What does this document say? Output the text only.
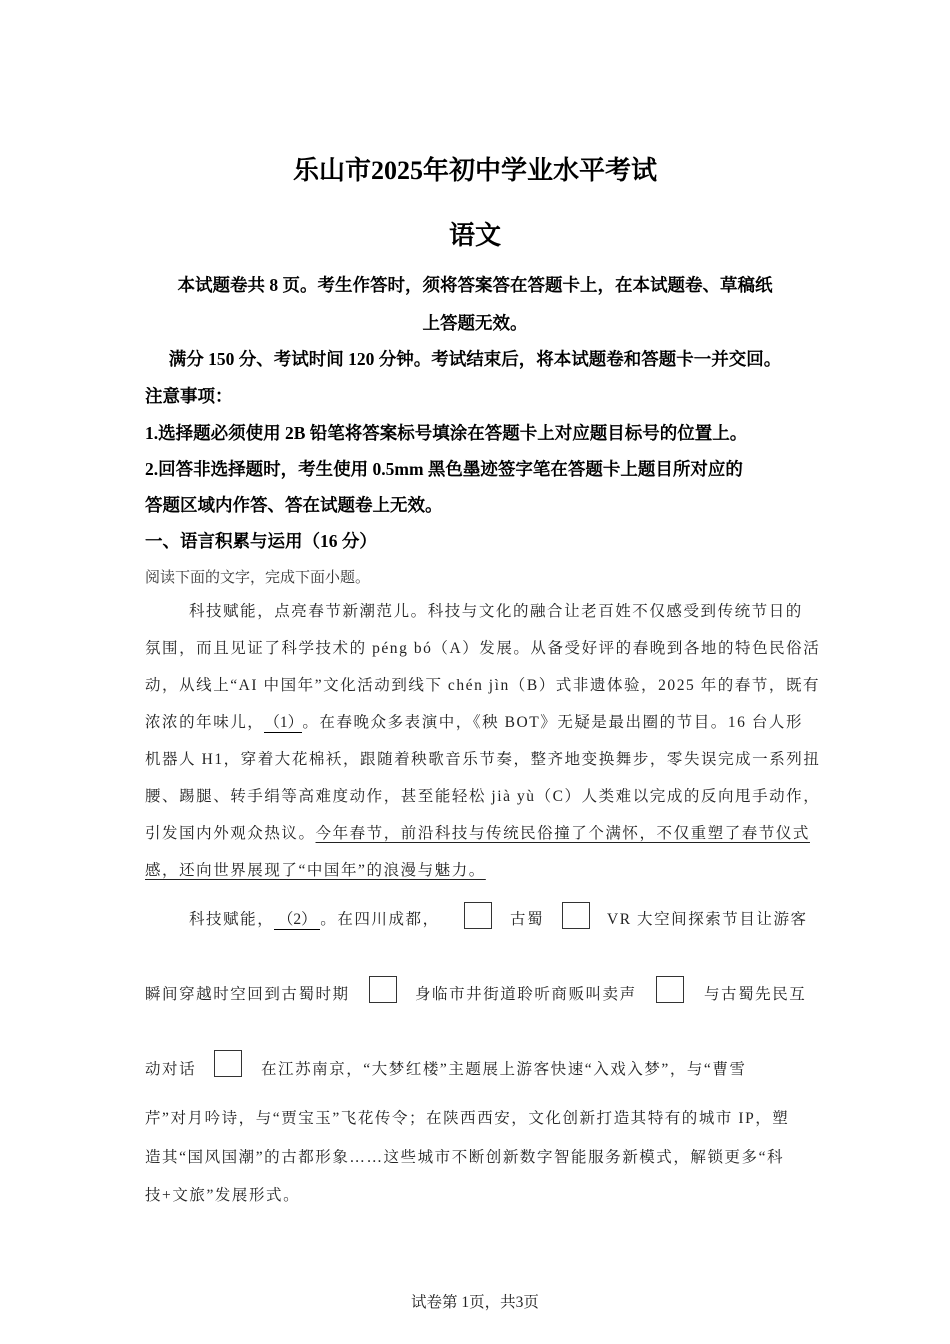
乐山市2025年初中学业水平考试
语文
本试题卷共 8 页。考生作答时，须将答案答在答题卡上，在本试题卷、草稿纸
上答题无效。
满分 150 分、考试时间 120 分钟。考试结束后，将本试题卷和答题卡一并交回。
注意事项：
1.选择题必须使用 2B 铅笔将答案标号填涂在答题卡上对应题目标号的位置上。
2.回答非选择题时，考生使用 0.5mm 黑色墨迹签字笔在答题卡上题目所对应的
答题区域内作答、答在试题卷上无效。
一、语言积累与运用（16 分）
阅读下面的文字，完成下面小题。
科技赋能，点亮春节新潮范儿。科技与文化的融合让老百姓不仅感受到传统节日的
氛围，而且见证了科学技术的 péng bó（A）发展。从备受好评的春晚到各地的特色民俗活
动，从线上“AI 中国年”文化活动到线下 chén jìn（B）式非遗体验，2025 年的春节，既有
浓浓的年味儿，（1）。在春晚众多表演中，《秧 BOT》无疑是最出圈的节目。16 台人形
机器人 H1，穿着大花棉袄，跟随着秧歌音乐节奏，整齐地变换舞步，零失误完成一系列扭
腰、踢腿、转手绢等高难度动作，甚至能轻松 jià yù（C）人类难以完成的反向甩手动作，
引发国内外观众热议。今年春节，前沿科技与传统民俗撞了个满怀，不仅重塑了春节仪式
感，还向世界展现了“中国年”的浪漫与魅力。
科技赋能， （2） 。在四川成都，	古蜀	VR 大空间探索节目让游客
瞬间穿越时空回到古蜀时期	身临市井街道聆听商贩叫卖声	与古蜀先民互
动对话	在江苏南京，“大梦红楼”主题展上游客快速“入戏入梦”，与“曹雪
芹”对月吟诗，与“贾宝玉”飞花传令；在陕西西安，文化创新打造其特有的城市 IP，塑
造其“国风国潮”的古都形象……这些城市不断创新数字智能服务新模式，解锁更多“科
技+文旅”发展形式。
试卷第 1页，共3页
